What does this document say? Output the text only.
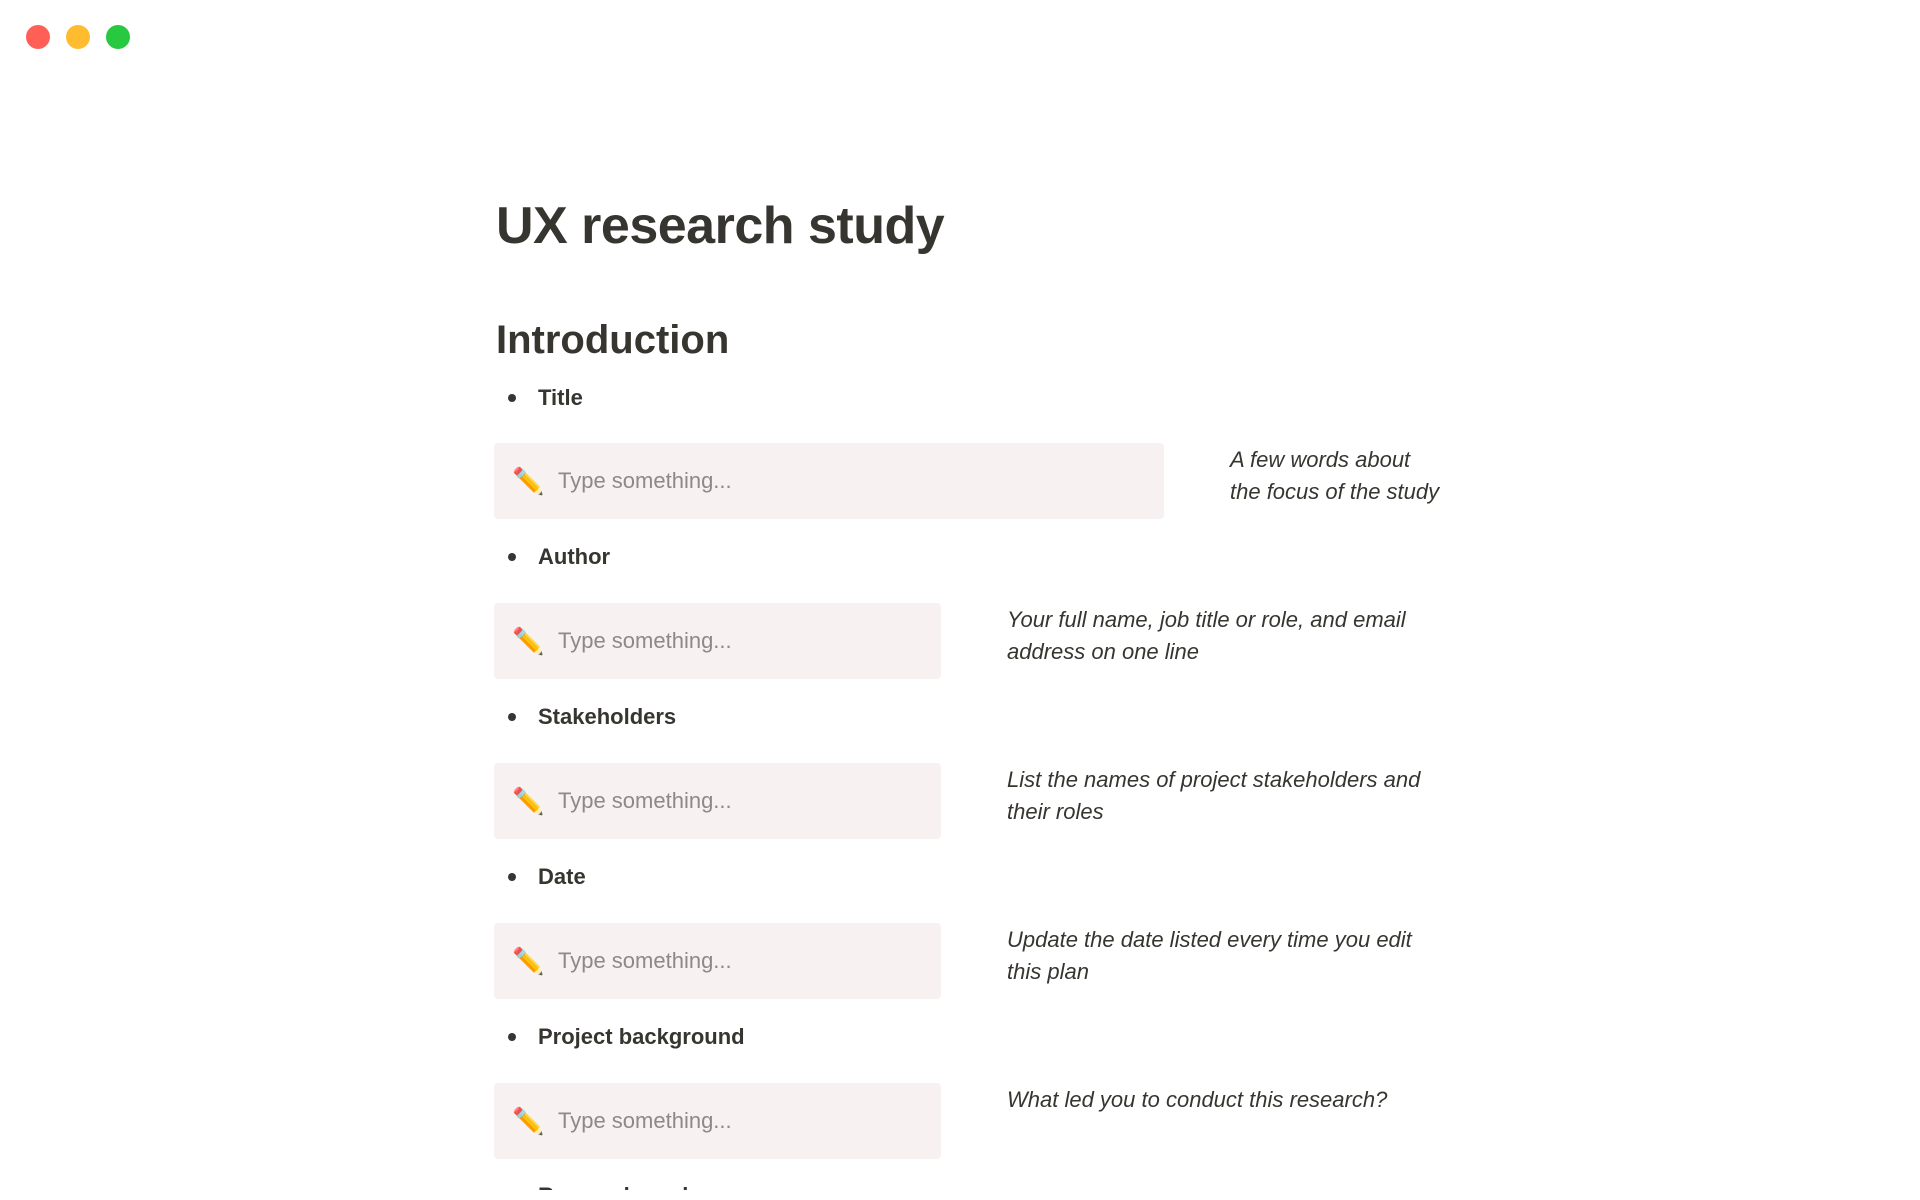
UX research study
Introduction
Title
✏️ Type something...
A few words about
the focus of the study
Author
✏️ Type something...
Your full name, job title or role, and email
address on one line
Stakeholders
✏️ Type something...
List the names of project stakeholders and
their roles
Date
✏️ Type something...
Update the date listed every time you edit
this plan
Project background
✏️ Type something...
What led you to conduct this research?
